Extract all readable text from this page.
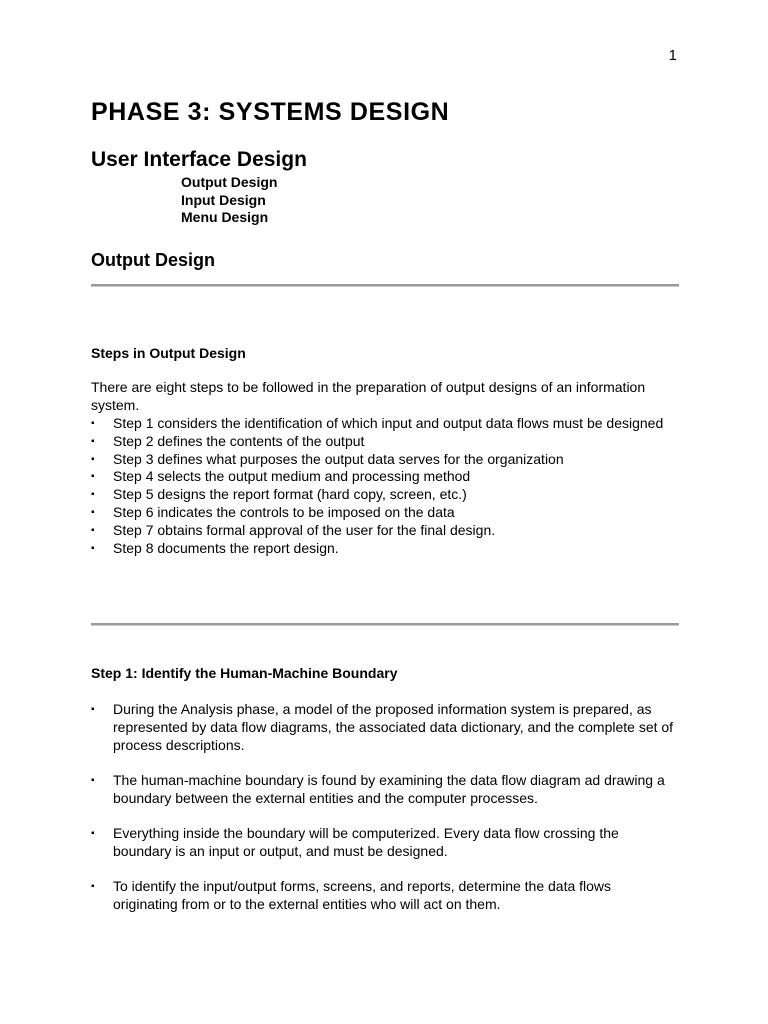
1
PHASE 3: SYSTEMS DESIGN
User Interface Design
Output Design
Input Design
Menu Design
Output Design
Steps in Output Design

There are eight steps to be followed in the preparation of output designs of an information system.

▪	Step 1 considers the identification of which input and output data flows must be designed
▪	Step 2 defines the contents of the output
▪	Step 3 defines what purposes the output data serves for the organization
▪	Step 4 selects the output medium and processing method
▪	Step 5 designs the report format (hard copy, screen, etc.)
▪	Step 6 indicates the controls to be imposed on the data
▪	Step 7 obtains formal approval of the user for the final design.
▪	Step 8 documents the report design.
Step 1: Identify the Human-Machine Boundary
▪	During the Analysis phase, a model of the proposed information system is prepared, as represented by data flow diagrams, the associated data dictionary, and the complete set of process descriptions.
▪	The human-machine boundary is found by examining the data flow diagram ad drawing a boundary between the external entities and the computer processes.
▪	Everything inside the boundary will be computerized. Every data flow crossing the boundary is an input or output, and must be designed.
▪	To identify the input/output forms, screens, and reports, determine the data flows originating from or to the external entities who will act on them.
